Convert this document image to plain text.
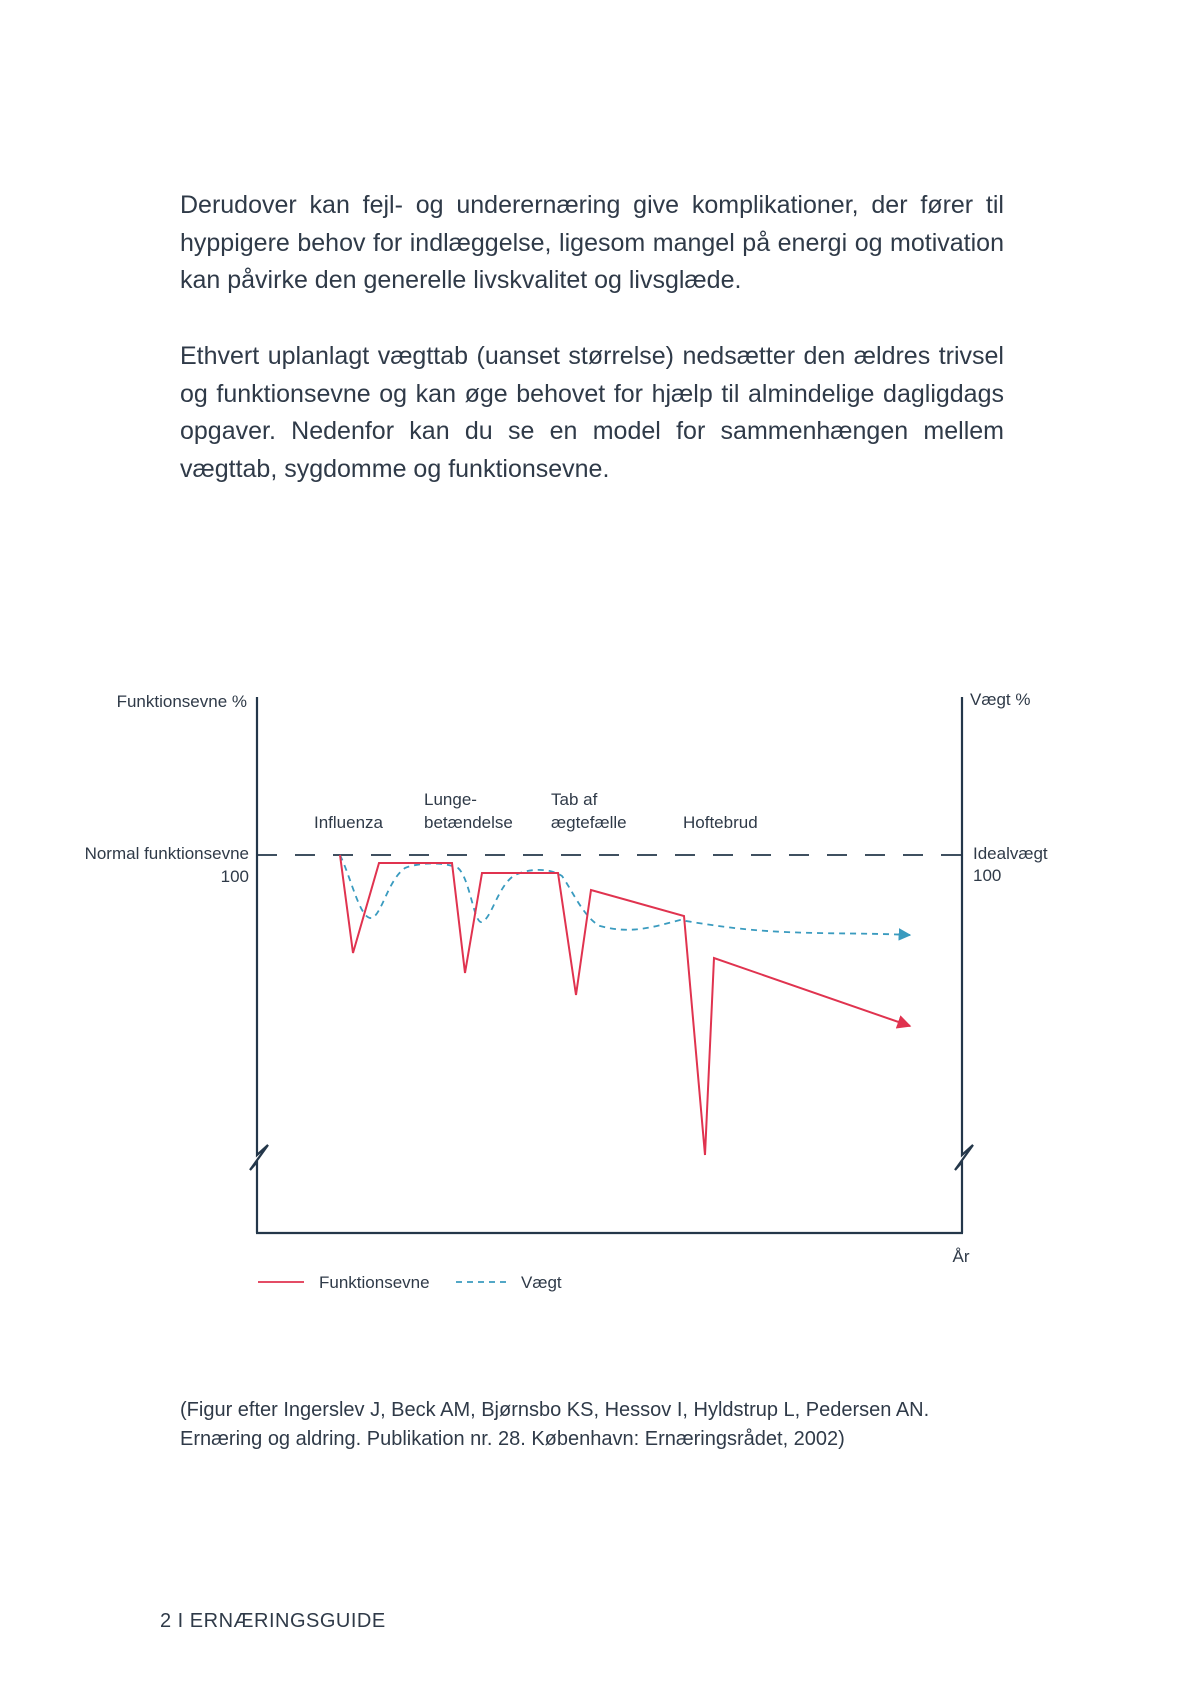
Derudover kan fejl- og underernæring give komplikationer, der fører til hyppigere behov for indlæggelse, ligesom mangel på energi og motivation kan påvirke den generelle livskvalitet og livsglæde.

Ethvert uplanlagt vægttab (uanset størrelse) nedsætter den ældres trivsel og funktionsevne og kan øge behovet for hjælp til almindelige dagligdags opgaver. Nedenfor kan du se en model for sammenhængen mellem vægttab, sygdomme og funktionsevne.

Funktionsevne %	Vægt %
År
Normal funktionsevne
100
Idealvægt
100
Influenza
Lunge-
betændelse
Tab af
ægtefælle	Hoftebrud
Funktionsevne	Vægt

(Figur efter Ingerslev J, Beck AM, Bjørnsbo KS, Hessov I, Hyldstrup L, Pedersen AN. Ernæring og aldring. Publikation nr. 28. København: Ernæringsrådet, 2002)

2 I ERNÆRINGSGUIDE
